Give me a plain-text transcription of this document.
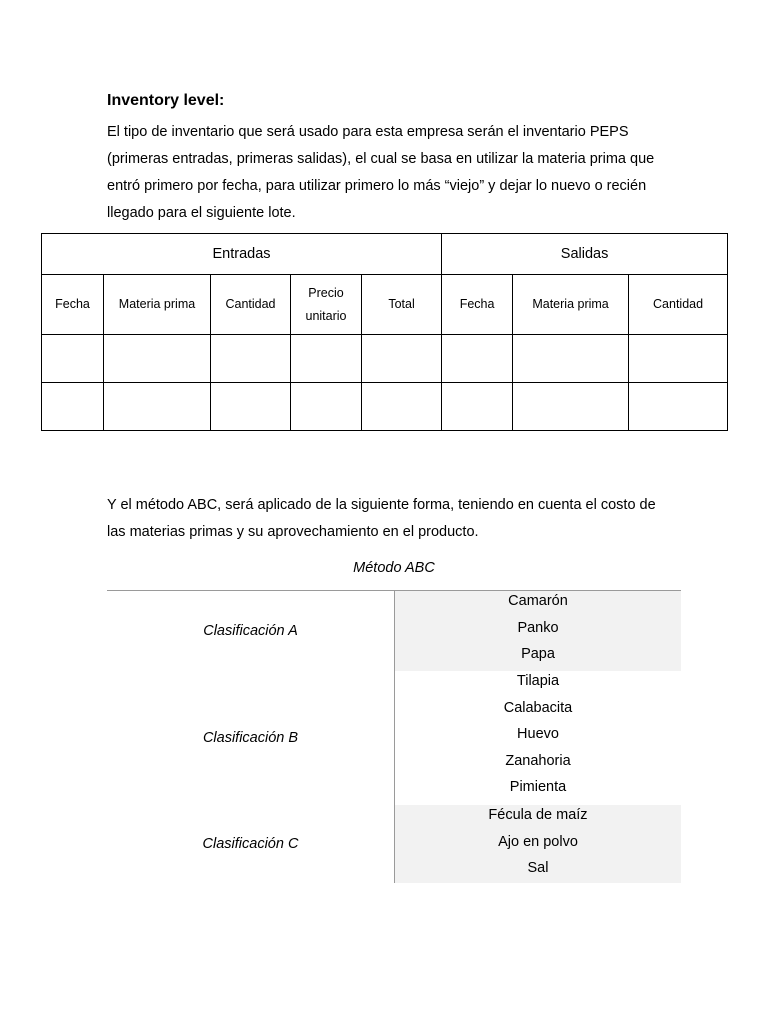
Inventory level:

El tipo de inventario que será usado para esta empresa serán el inventario PEPS (primeras entradas, primeras salidas), el cual se basa en utilizar la materia prima que entró primero por fecha, para utilizar primero lo más “viejo” y dejar lo nuevo o recién llegado para el siguiente lote.

Entradas					Salidas		
Fecha	Materia prima	Cantidad	Precio unitario	Total	Fecha	Materia prima	Cantidad

Y el método ABC, será aplicado de la siguiente forma, teniendo en cuenta el costo de las materias primas y su aprovechamiento en el producto.

Método ABC

Clasificación A
Camarón
Panko
Papa
Clasificación B
Tilapia
Calabacita
Huevo
Zanahoria
Pimienta
Clasificación C
Fécula de maíz
Ajo en polvo
Sal
